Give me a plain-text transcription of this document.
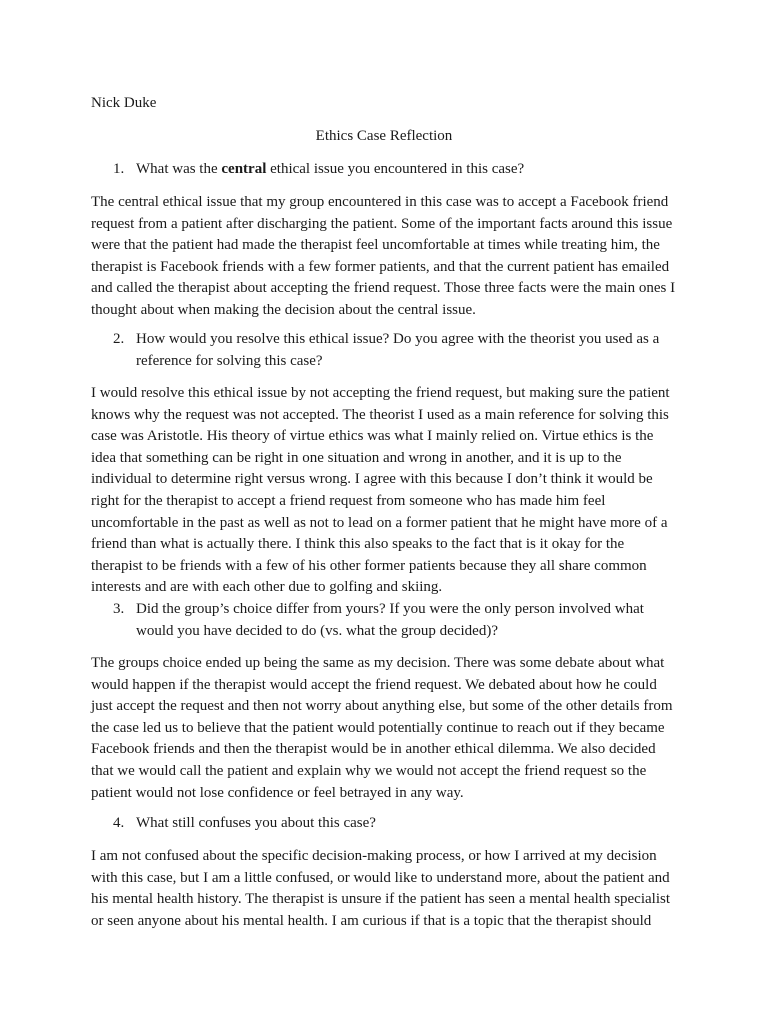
Nick Duke
Ethics Case Reflection
1. What was the central ethical issue you encountered in this case?

The central ethical issue that my group encountered in this case was to accept a Facebook friend
request from a patient after discharging the patient. Some of the important facts around this issue
were that the patient had made the therapist feel uncomfortable at times while treating him, the
therapist is Facebook friends with a few former patients, and that the current patient has emailed
and called the therapist about accepting the friend request. Those three facts were the main ones I
thought about when making the decision about the central issue.

2. How would you resolve this ethical issue? Do you agree with the theorist you used as a
reference for solving this case?

I would resolve this ethical issue by not accepting the friend request, but making sure the patient
knows why the request was not accepted. The theorist I used as a main reference for solving this
case was Aristotle. His theory of virtue ethics was what I mainly relied on. Virtue ethics is the
idea that something can be right in one situation and wrong in another, and it is up to the
individual to determine right versus wrong. I agree with this because I don’t think it would be
right for the therapist to accept a friend request from someone who has made him feel
uncomfortable in the past as well as not to lead on a former patient that he might have more of a
friend than what is actually there. I think this also speaks to the fact that is it okay for the
therapist to be friends with a few of his other former patients because they all share common
interests and are with each other due to golfing and skiing.

3. Did the group’s choice differ from yours? If you were the only person involved what
would you have decided to do (vs. what the group decided)?

The groups choice ended up being the same as my decision. There was some debate about what
would happen if the therapist would accept the friend request. We debated about how he could
just accept the request and then not worry about anything else, but some of the other details from
the case led us to believe that the patient would potentially continue to reach out if they became
Facebook friends and then the therapist would be in another ethical dilemma. We also decided
that we would call the patient and explain why we would not accept the friend request so the
patient would not lose confidence or feel betrayed in any way.

4. What still confuses you about this case?

I am not confused about the specific decision-making process, or how I arrived at my decision
with this case, but I am a little confused, or would like to understand more, about the patient and
his mental health history. The therapist is unsure if the patient has seen a mental health specialist
or seen anyone about his mental health. I am curious if that is a topic that the therapist should
